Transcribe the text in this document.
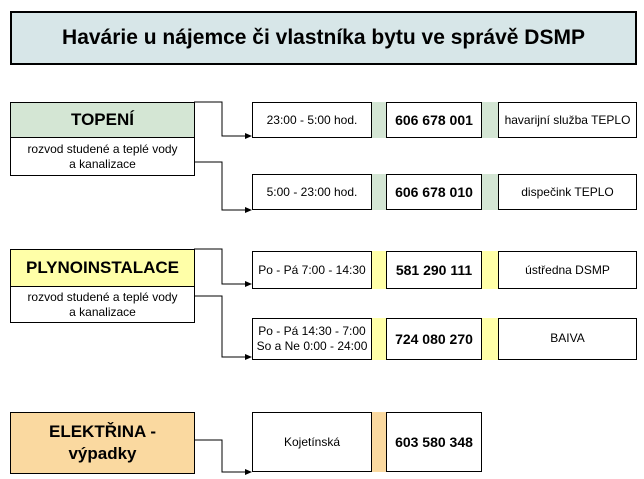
Havárie u nájemce či vlastníka bytu ve správě DSMP
TOPENÍ
rozvod studené a teplé vody a kanalizace
23:00 - 5:00 hod.	606 678 001	havarijní služba TEPLO
5:00 - 23:00 hod.	606 678 010	dispečink TEPLO
PLYNOINSTALACE
rozvod studené a teplé vody a kanalizace
Po - Pá 7:00 - 14:30	581 290 111	ústředna DSMP
Po - Pá 14:30 - 7:00
So a Ne 0:00 - 24:00	724 080 270	BAIVA
ELEKTŘINA -
výpadky
Kojetínská	603 580 348
